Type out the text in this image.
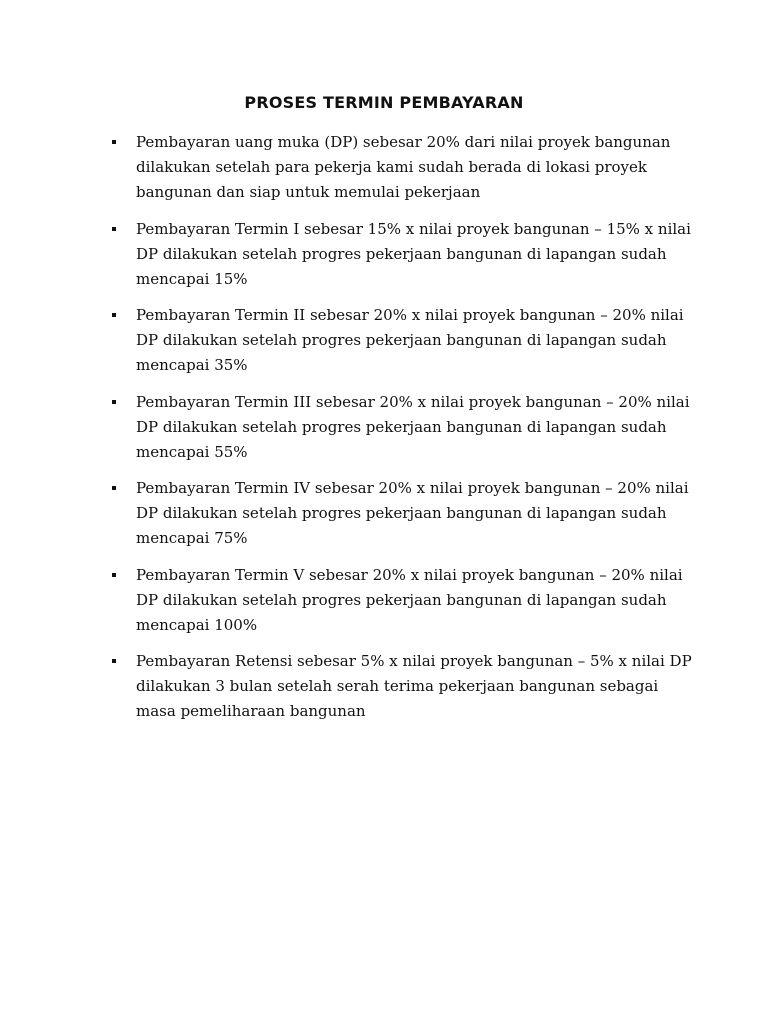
PROSES TERMIN PEMBAYARAN
Pembayaran uang muka (DP) sebesar 20% dari nilai proyek bangunan dilakukan setelah para pekerja kami sudah berada di lokasi proyek bangunan dan siap untuk memulai pekerjaan
Pembayaran Termin I sebesar 15% x nilai proyek bangunan – 15% x nilai DP dilakukan setelah progres pekerjaan bangunan di lapangan sudah mencapai 15%
Pembayaran Termin II sebesar 20% x nilai proyek bangunan – 20% nilai DP dilakukan setelah progres pekerjaan bangunan di lapangan sudah mencapai 35%
Pembayaran Termin III sebesar 20% x nilai proyek bangunan – 20% nilai DP dilakukan setelah progres pekerjaan bangunan di lapangan sudah mencapai 55%
Pembayaran Termin IV sebesar 20% x nilai proyek bangunan – 20% nilai DP dilakukan setelah progres pekerjaan bangunan di lapangan sudah mencapai 75%
Pembayaran Termin V sebesar 20% x nilai proyek bangunan – 20% nilai DP dilakukan setelah progres pekerjaan bangunan di lapangan sudah mencapai 100%
Pembayaran Retensi sebesar 5% x nilai proyek bangunan – 5% x nilai DP dilakukan 3 bulan setelah serah terima pekerjaan bangunan sebagai masa pemeliharaan bangunan
